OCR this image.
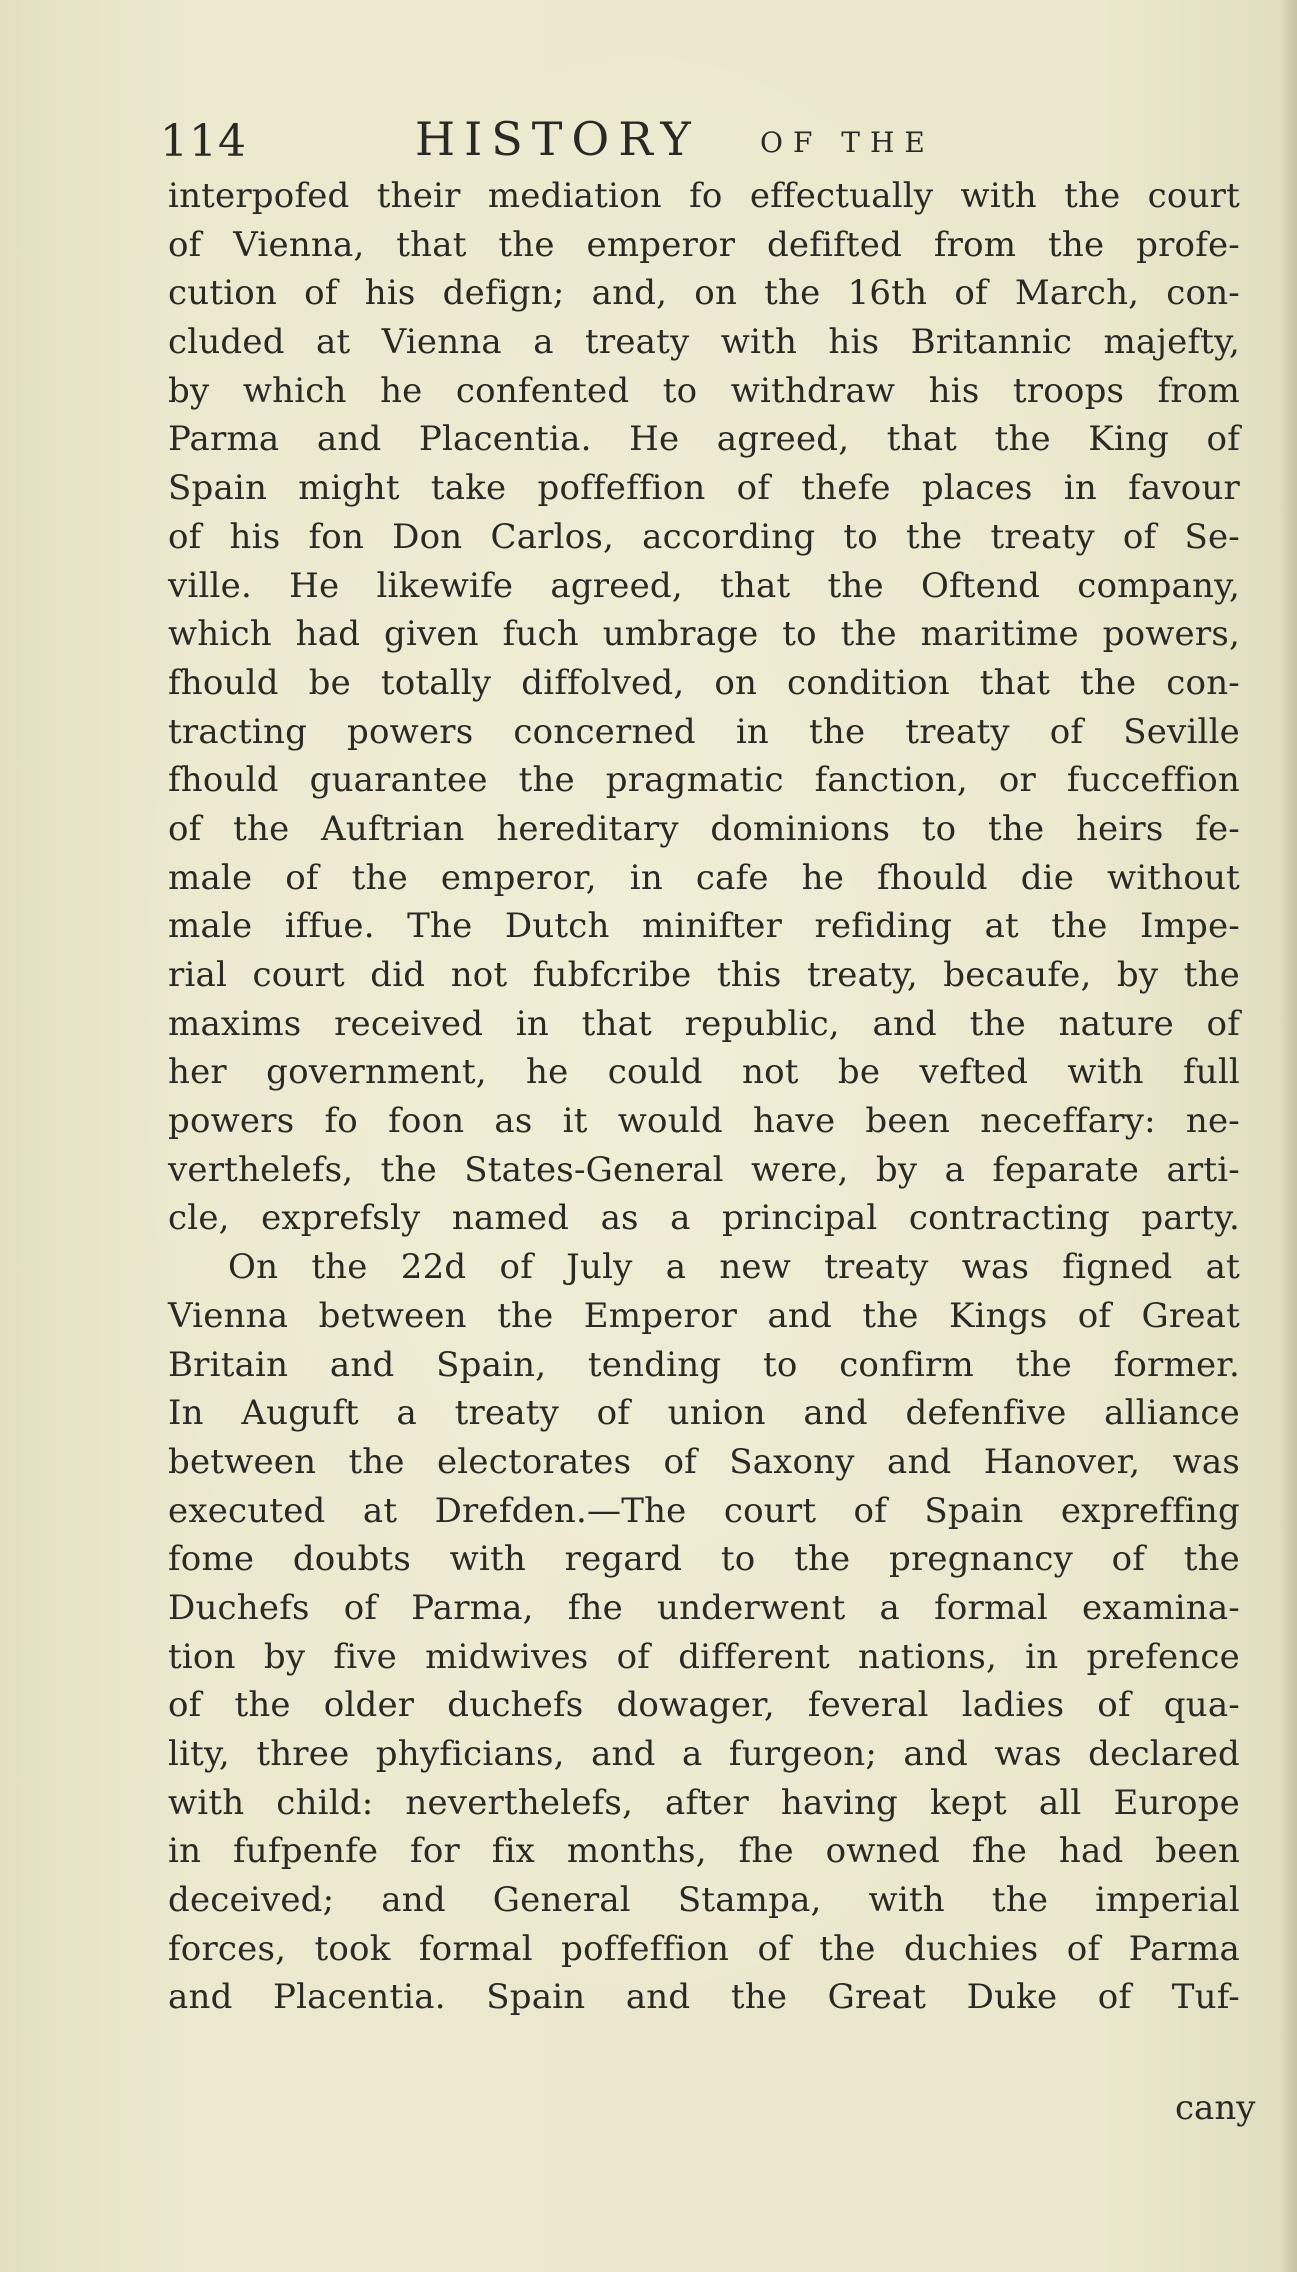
114	HISTORY OF THE
interpofed their mediation fo effectually with the court
of Vienna, that the emperor defifted from the profe-
cution of his defign; and, on the 16th of March, con-
cluded at Vienna a treaty with his Britannic majefty,
by which he confented to withdraw his troops from
Parma and Placentia. He agreed, that the King of
Spain might take poffeffion of thefe places in favour
of his fon Don Carlos, according to the treaty of Se-
ville. He likewife agreed, that the Oftend company,
which had given fuch umbrage to the maritime powers,
fhould be totally diffolved, on condition that the con-
tracting powers concerned in the treaty of Seville
fhould guarantee the pragmatic fanction, or fucceffion
of the Auftrian hereditary dominions to the heirs fe-
male of the emperor, in cafe he fhould die without
male iffue. The Dutch minifter refiding at the Impe-
rial court did not fubfcribe this treaty, becaufe, by the
maxims received in that republic, and the nature of
her government, he could not be vefted with full
powers fo foon as it would have been neceffary: ne-
verthelefs, the States-General were, by a feparate arti-
cle, exprefsly named as a principal contracting party.
On the 22d of July a new treaty was figned at
Vienna between the Emperor and the Kings of Great
Britain and Spain, tending to confirm the former.
In Auguft a treaty of union and defenfive alliance
between the electorates of Saxony and Hanover, was
executed at Drefden.—The court of Spain expreffing
fome doubts with regard to the pregnancy of the
Duchefs of Parma, fhe underwent a formal examina-
tion by five midwives of different nations, in prefence
of the older duchefs dowager, feveral ladies of qua-
lity, three phyficians, and a furgeon; and was declared
with child: neverthelefs, after having kept all Europe
in fufpenfe for fix months, fhe owned fhe had been
deceived; and General Stampa, with the imperial
forces, took formal poffeffion of the duchies of Parma
and Placentia. Spain and the Great Duke of Tuf-
cany
